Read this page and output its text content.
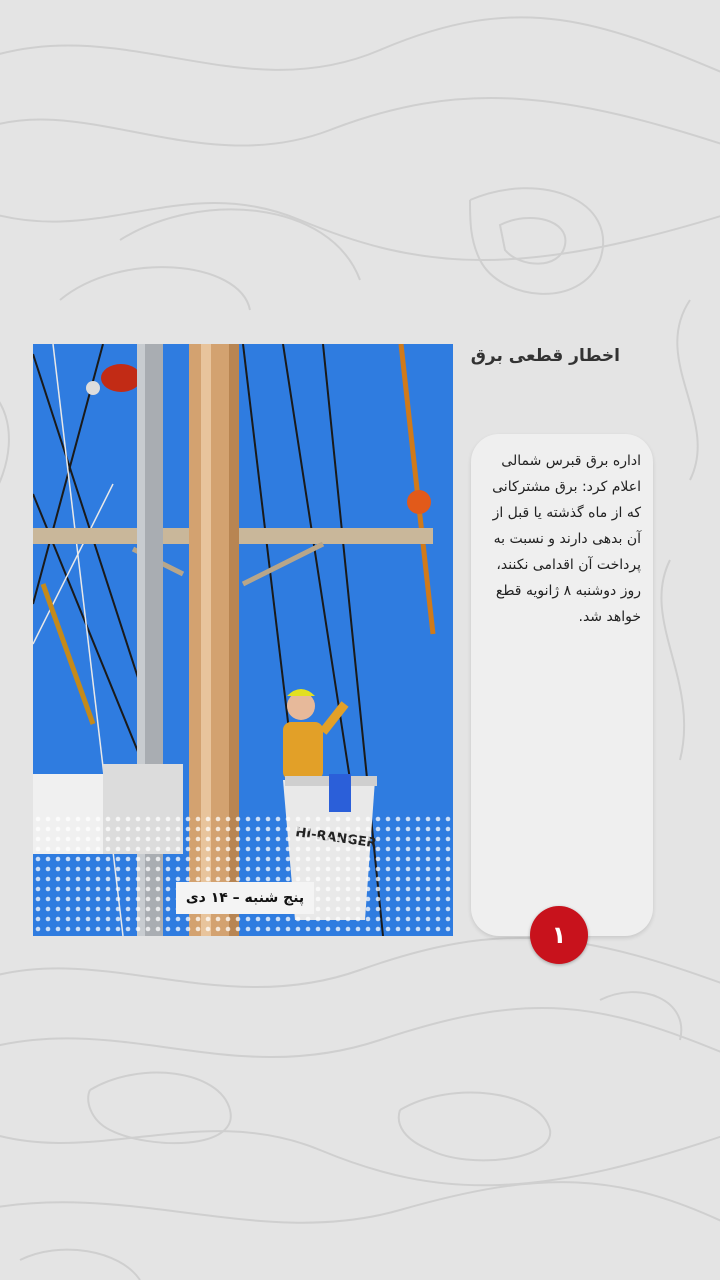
پنج شنبه – ۱۴ دی
اخطار قطعی برق
اداره برق قبرس شمالی اعلام کرد: برق مشترکانی که از ماه گذشته یا قبل از آن بدهی دارند و نسبت به پرداخت آن اقدامی نکنند، روز دوشنبه ۸ ژانویه قطع خواهد شد.
۱
